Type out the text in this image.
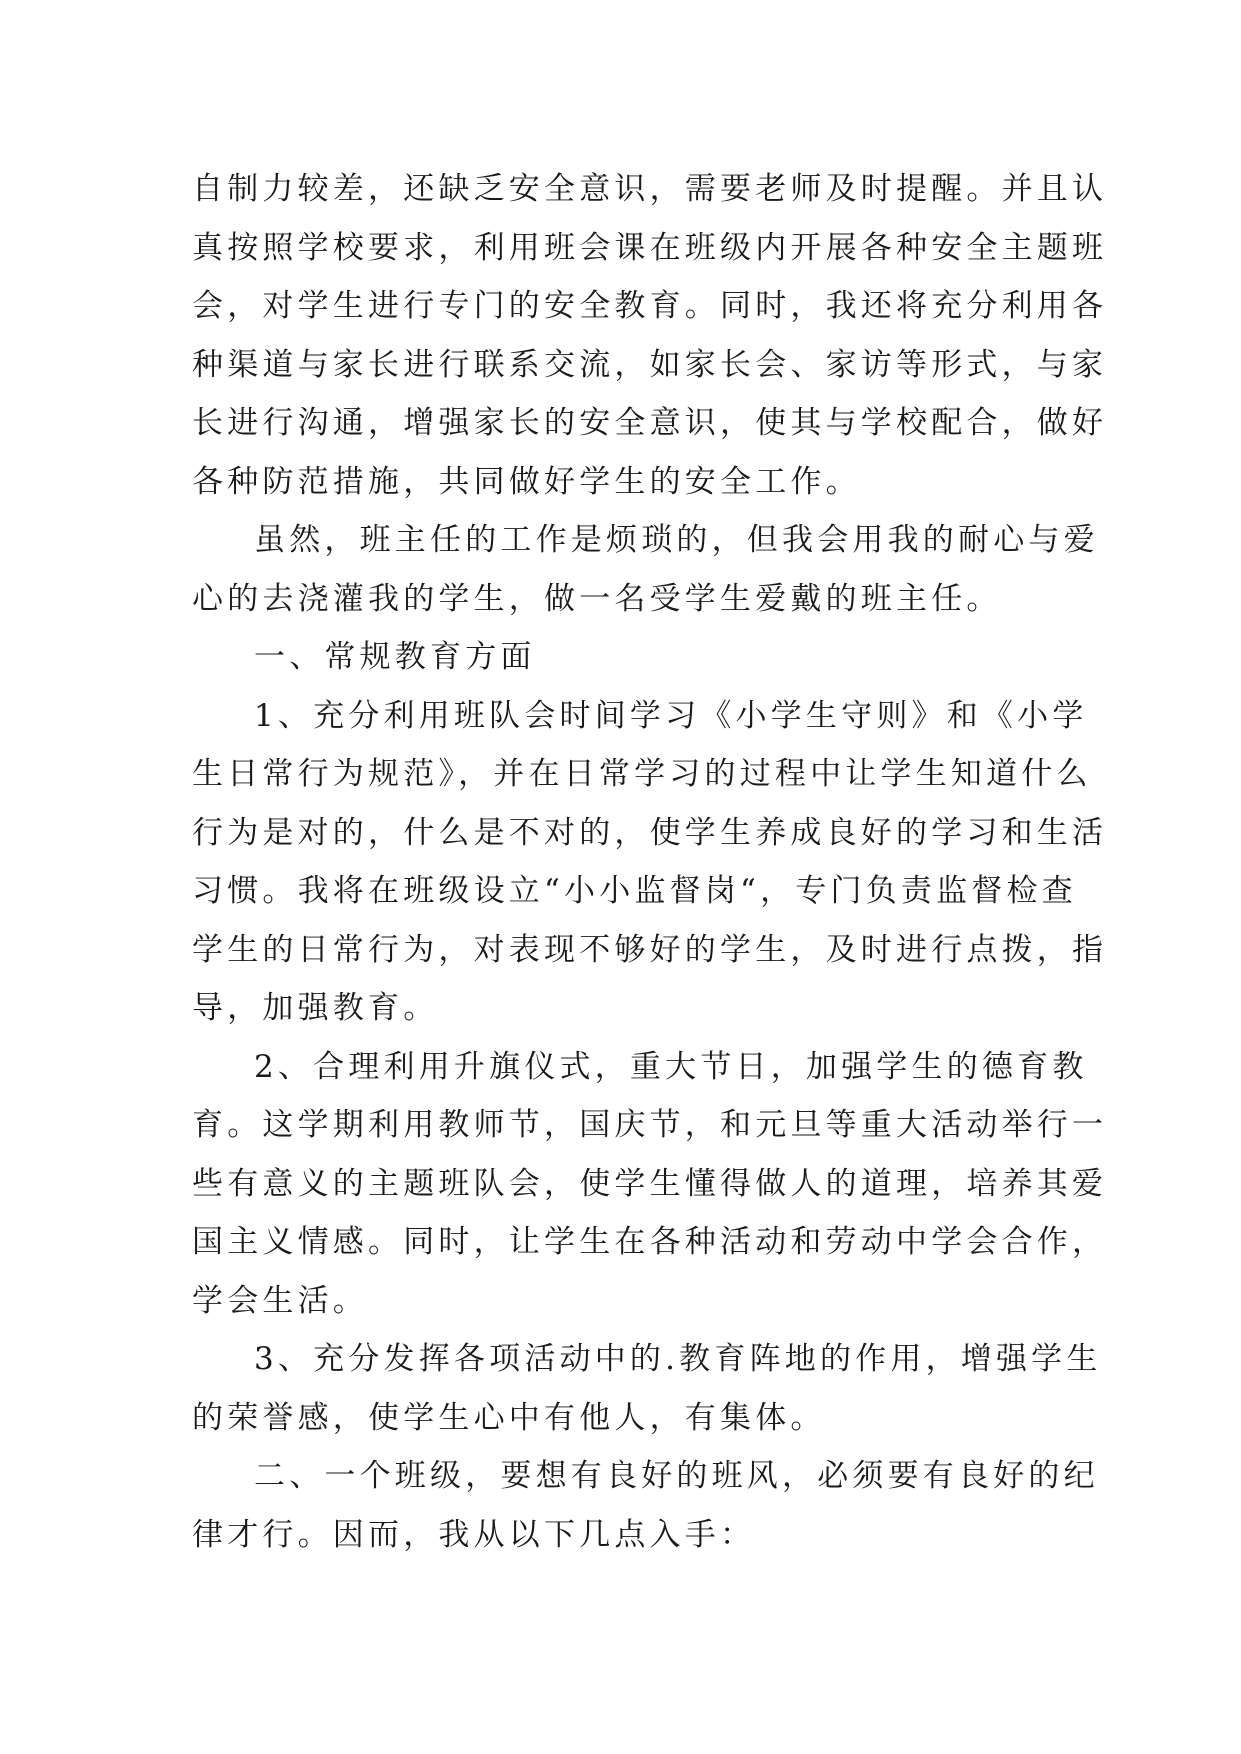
自制力较差，还缺乏安全意识，需要老师及时提醒。并且认
真按照学校要求，利用班会课在班级内开展各种安全主题班
会，对学生进行专门的安全教育。同时，我还将充分利用各
种渠道与家长进行联系交流，如家长会、家访等形式，与家
长进行沟通，增强家长的安全意识，使其与学校配合，做好
各种防范措施，共同做好学生的安全工作。
虽然，班主任的工作是烦琐的，但我会用我的耐心与爱
心的去浇灌我的学生，做一名受学生爱戴的班主任。
一、常规教育方面
1、充分利用班队会时间学习《小学生守则》和《小学
生日常行为规范》，并在日常学习的过程中让学生知道什么
行为是对的，什么是不对的，使学生养成良好的学习和生活
习惯。我将在班级设立“小小监督岗“，专门负责监督检查
学生的日常行为，对表现不够好的学生，及时进行点拨，指
导，加强教育。
2、合理利用升旗仪式，重大节日，加强学生的德育教
育。这学期利用教师节，国庆节，和元旦等重大活动举行一
些有意义的主题班队会，使学生懂得做人的道理，培养其爱
国主义情感。同时，让学生在各种活动和劳动中学会合作，
学会生活。
3、充分发挥各项活动中的.教育阵地的作用，增强学生
的荣誉感，使学生心中有他人，有集体。
二、一个班级，要想有良好的班风，必须要有良好的纪
律才行。因而，我从以下几点入手：
